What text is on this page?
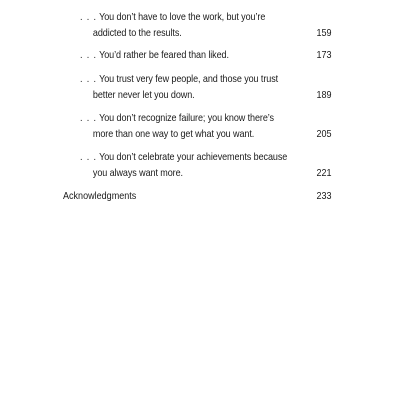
. . . You don’t have to love the work, but you’re addicted to the results.	159
. . . You’d rather be feared than liked.	173
. . . You trust very few people, and those you trust better never let you down.	189
. . . You don’t recognize failure; you know there’s more than one way to get what you want.	205
. . . You don’t celebrate your achievements because you always want more.	221
Acknowledgments	233
